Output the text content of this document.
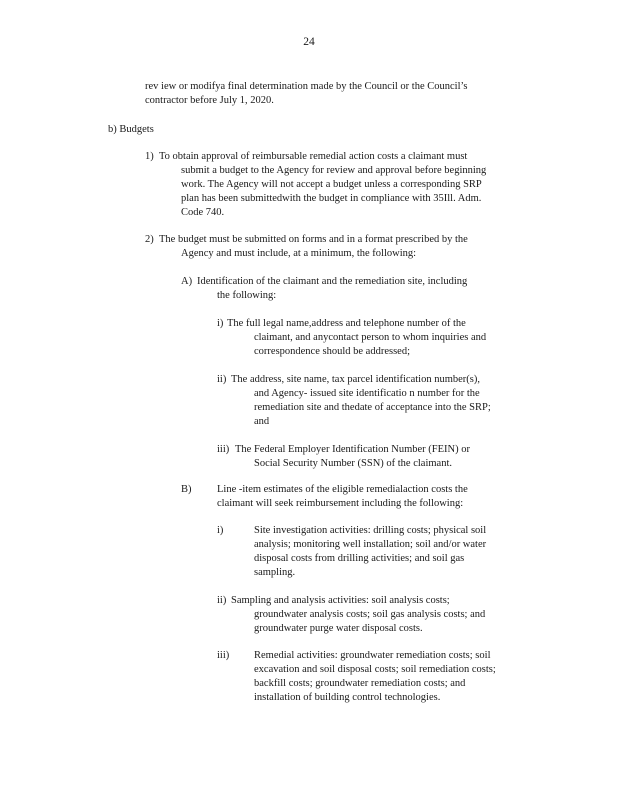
24
rev iew or modifya final determination made by the Council or the Council’s
contractor before July 1, 2020.
b) Budgets
1) To obtain approval of reimbursable remedial action costs a claimant must
submit a budget to the Agency for review and approval before beginning
work. The Agency will not accept a budget unless a corresponding SRP
plan has been submittedwith the budget in compliance with 35Ill. Adm.
Code 740.
2) The budget must be submitted on forms and in a format prescribed by the
Agency and must include, at a minimum, the following:
A) Identification of the claimant and the remediation site, including
the following:
i) The full legal name,address and telephone number of the
claimant, and anycontact person to whom inquiries and
correspondence should be addressed;
ii) The address, site name, tax parcel identification number(s),
and Agency- issued site identificatio n number for the
remediation site and thedate of acceptance into the SRP;
and
iii) The Federal Employer Identification Number (FEIN) or
Social Security Number (SSN) of the claimant.
B) Line -item estimates of the eligible remedialaction costs the
claimant will seek reimbursement including the following:
i)	Site investigation activities: drilling costs; physical soil
analysis; monitoring well installation; soil and/or water
disposal costs from drilling activities; and soil gas
sampling.
ii) Sampling and analysis activities: soil analysis costs;
groundwater analysis costs; soil gas analysis costs; and
groundwater purge water disposal costs.
iii) Remedial activities: groundwater remediation costs; soil
excavation and soil disposal costs; soil remediation costs;
backfill costs; groundwater remediation costs; and
installation of building control technologies.
